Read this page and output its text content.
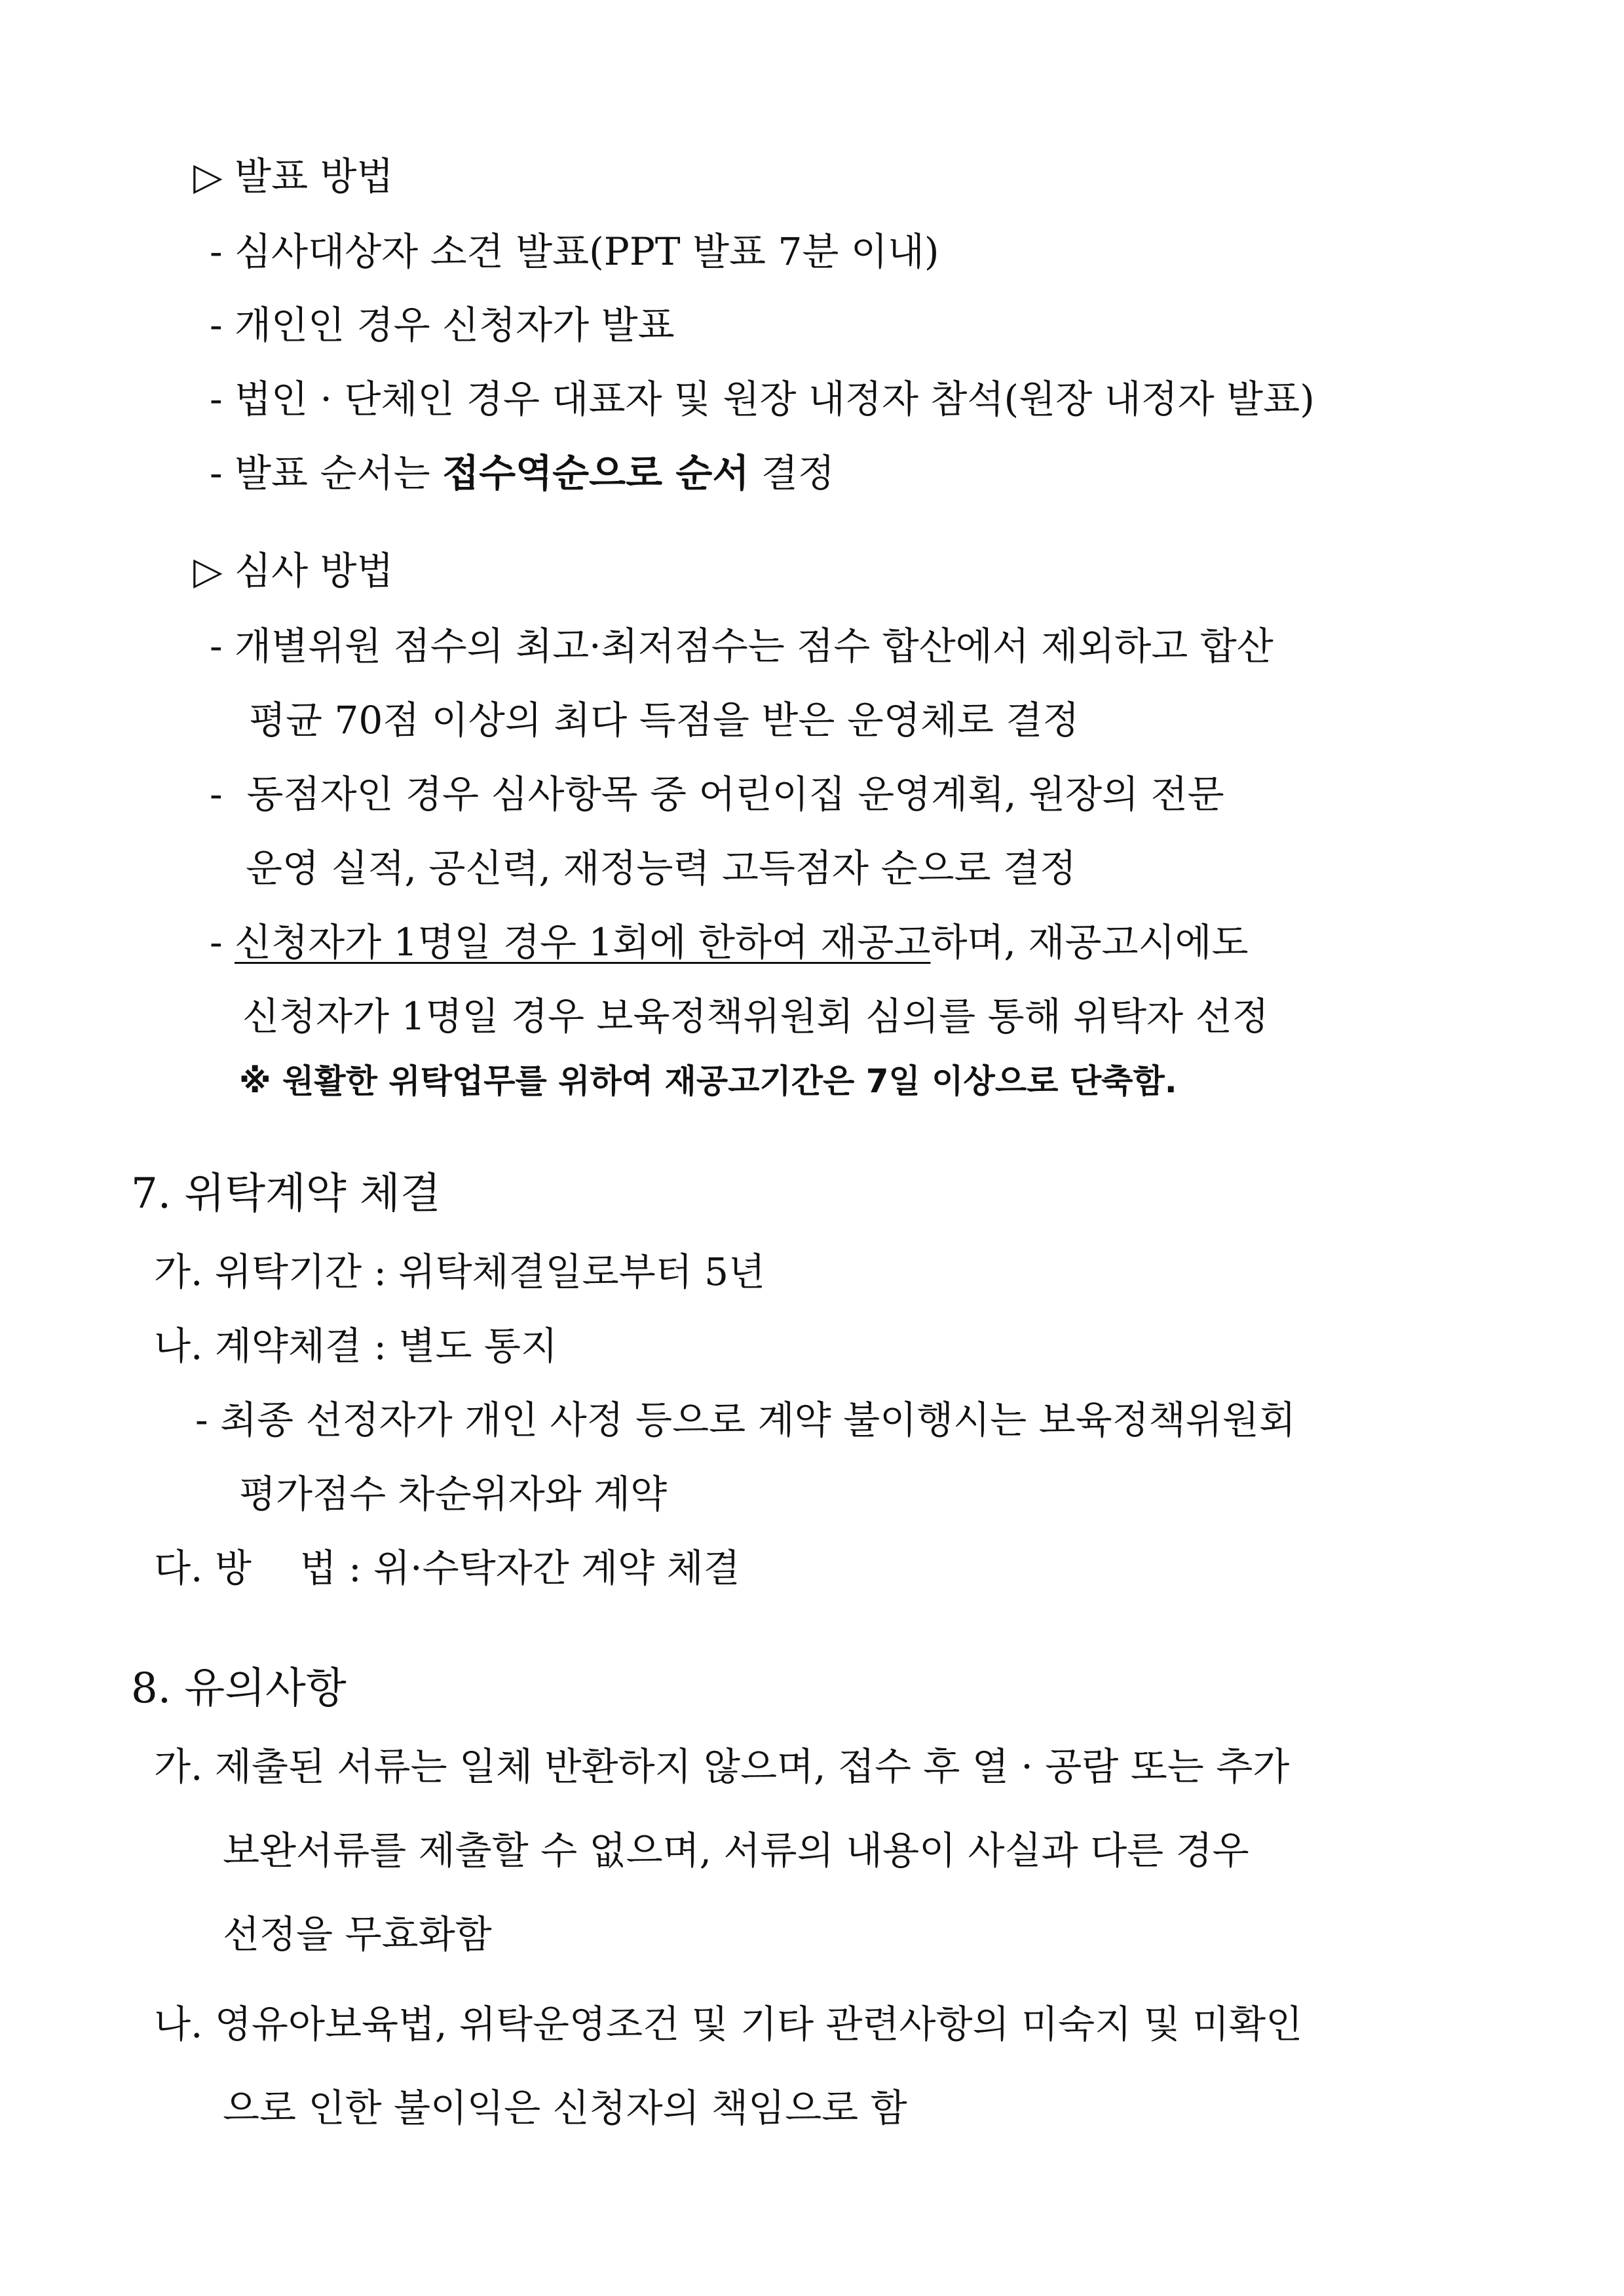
▷ 발표 방법
- 심사대상자 소견 발표(PPT 발표 7분 이내)
- 개인인 경우 신청자가 발표
- 법인 · 단체인 경우 대표자 및 원장 내정자 참석(원장 내정자 발표)
- 발표 순서는 접수역순으로 순서 결정
▷ 심사 방법
- 개별위원 점수의 최고·최저점수는 점수 합산에서 제외하고 합산
평균 70점 이상의 최다 득점을 받은 운영체로 결정
-  동점자인 경우 심사항목 중 어린이집 운영계획, 원장의 전문
운영 실적, 공신력, 재정능력 고득점자 순으로 결정
- 신청자가 1명일 경우 1회에 한하여 재공고하며, 재공고시에도
신청자가 1명일 경우 보육정책위원회 심의를 통해 위탁자 선정
※ 원활한 위탁업무를 위하여 재공고기간은 7일 이상으로 단축함.
7. 위탁계약 체결
가. 위탁기간 : 위탁체결일로부터 5년
나. 계약체결 : 별도 통지
- 최종 선정자가 개인 사정 등으로 계약 불이행시는 보육정책위원회
평가점수 차순위자와 계약
다. 방    법 : 위·수탁자간 계약 체결
8. 유의사항
가. 제출된 서류는 일체 반환하지 않으며, 접수 후 열 · 공람 또는 추가
보완서류를 제출할 수 없으며, 서류의 내용이 사실과 다른 경우
선정을 무효화함
나. 영유아보육법, 위탁운영조건 및 기타 관련사항의 미숙지 및 미확인
으로 인한 불이익은 신청자의 책임으로 함
